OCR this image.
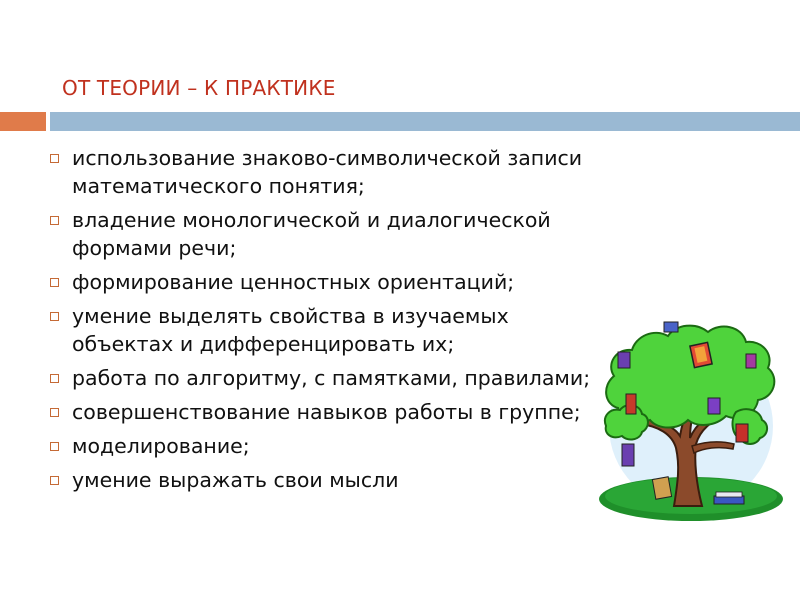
ОТ ТЕОРИИ – К ПРАКТИКЕ
использование знаково-символической записи математического понятия;
владение монологической и диалогической формами речи;
формирование ценностных ориентаций;
умение выделять свойства в изучаемых объектах и дифференцировать их;
работа по алгоритму, с памятками, правилами;
совершенствование навыков работы в группе;
моделирование;
умение выражать свои мысли
